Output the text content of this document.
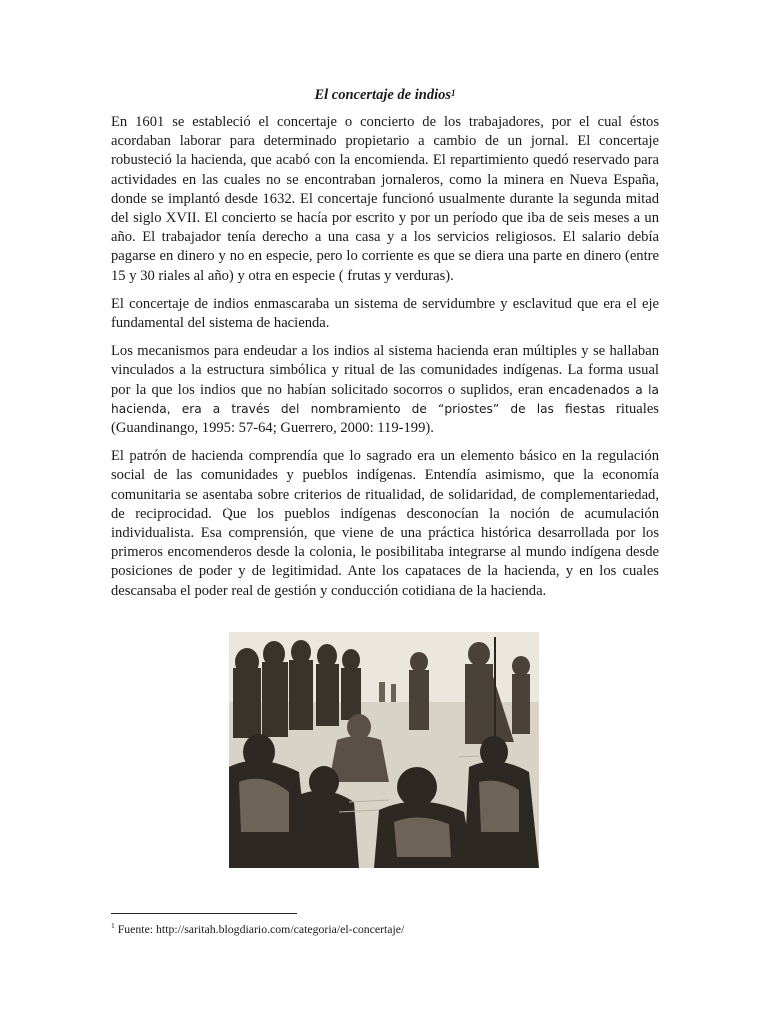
El concertaje de indios$^1$

En 1601 se estableció el concertaje o concierto de los trabajadores, por el cual éstos acordaban laborar para determinado propietario a cambio de un jornal. El concertaje robusteció la hacienda, que acabó con la encomienda. El repartimiento quedó reservado para actividades en las cuales no se encontraban jornaleros, como la minera en Nueva España, donde se implantó desde 1632. El concertaje funcionó usualmente durante la segunda mitad del siglo XVII. El concierto se hacía por escrito y por un período que iba de seis meses a un año. El trabajador tenía derecho a una casa y a los servicios religiosos. El salario debía pagarse en dinero y no en especie, pero lo corriente es que se diera una parte en dinero (entre 15 y 30 riales al año) y otra en especie ( frutas y verduras).

El concertaje de indios enmascaraba un sistema de servidumbre y esclavitud que era el eje fundamental del sistema de hacienda.

Los mecanismos para endeudar a los indios al sistema hacienda eran múltiples y se hallaban vinculados a la estructura simbólica y ritual de las comunidades indígenas. La forma usual por la que los indios que no habían solicitado socorros o suplidos, eran encadenados a la hacienda, era a través del nombramiento de “priostes” de las fiestas rituales (Guandinango, 1995: 57-64; Guerrero, 2000: 119-199).

El patrón de hacienda comprendía que lo sagrado era un elemento básico en la regulación social de las comunidades y pueblos indígenas. Entendía asimismo, que la economía comunitaria se asentaba sobre criterios de ritualidad, de solidaridad, de complementariedad, de reciprocidad. Que los pueblos indígenas desconocían la noción de acumulación individualista. Esa comprensión, que viene de una práctica histórica desarrollada por los primeros encomenderos desde la colonia, le posibilitaba integrarse al mundo indígena desde posiciones de poder y de legitimidad. Ante los capataces de la hacienda, y en los cuales descansaba el poder real de gestión y conducción cotidiana de la hacienda.

$^1$ Fuente: http://saritah.blogdiario.com/categoria/el-concertaje/
